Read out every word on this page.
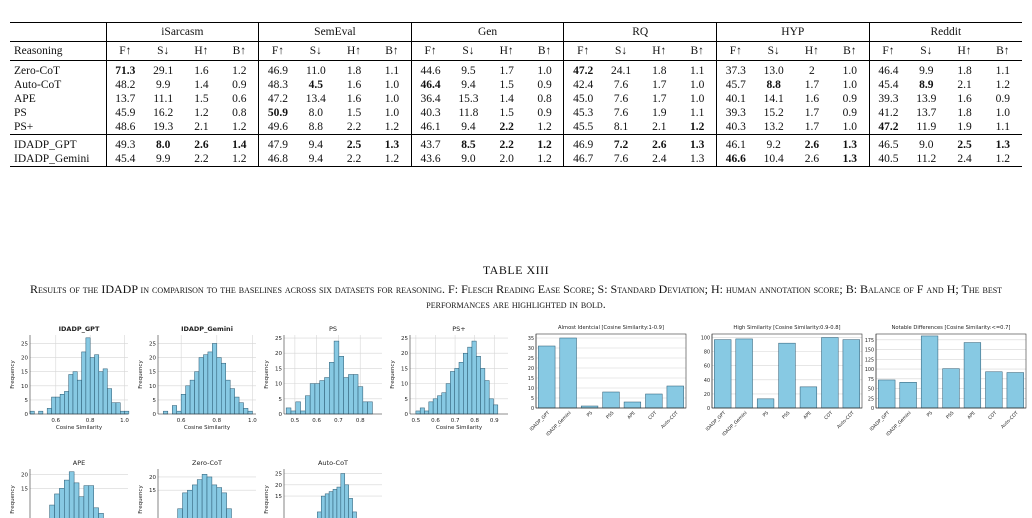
	iSarcasm				SemEval				Gen				RQ				HYP				Reddit			
Reasoning	F↑	S↓	H↑	B↑	F↑	S↓	H↑	B↑	F↑	S↓	H↑	B↑	F↑	S↓	H↑	B↑	F↑	S↓	H↑	B↑	F↑	S↓	H↑	B↑
Zero-CoT	71.3	29.1	1.6	1.2	46.9	11.0	1.8	1.1	44.6	9.5	1.7	1.0	47.2	24.1	1.8	1.1	37.3	13.0	2	1.0	46.4	9.9	1.8	1.1
Auto-CoT	48.2	9.9	1.4	0.9	48.3	4.5	1.6	1.0	46.4	9.4	1.5	0.9	42.4	7.6	1.7	1.0	45.7	8.8	1.7	1.0	45.4	8.9	2.1	1.2
APE	13.7	11.1	1.5	0.6	47.2	13.4	1.6	1.0	36.4	15.3	1.4	0.8	45.0	7.6	1.7	1.0	40.1	14.1	1.6	0.9	39.3	13.9	1.6	0.9
PS	45.9	16.2	1.2	0.8	50.9	8.0	1.5	1.0	40.3	11.8	1.5	0.9	45.3	7.6	1.9	1.1	39.3	15.2	1.7	0.9	41.2	13.7	1.8	1.0
PS+	48.6	19.3	2.1	1.2	49.6	8.8	2.2	1.2	46.1	9.4	2.2	1.2	45.5	8.1	2.1	1.2	40.3	13.2	1.7	1.0	47.2	11.9	1.9	1.1
IDADP_GPT	49.3	8.0	2.6	1.4	47.9	9.4	2.5	1.3	43.7	8.5	2.2	1.2	46.9	7.2	2.6	1.3	46.1	9.2	2.6	1.3	46.5	9.0	2.5	1.3
IDADP_Gemini	45.4	9.9	2.2	1.2	46.8	9.4	2.2	1.2	43.6	9.0	2.0	1.2	46.7	7.6	2.4	1.3	46.6	10.4	2.6	1.3	40.5	11.2	2.4	1.2
TABLE XIII
Results of the IDADP in comparison to the baselines across six datasets for reasoning. F: Flesch Reading Ease Score; S: Standard Deviation; H: human annotation score; B: Balance of F and H; The best performances are highlighted in bold.
IDADP_GPT
Frequency
0
5
10
15
20
25
0.6	0.8	1.0
Cosine Similarity
IDADP_Gemini
Frequency
0
5
10
15
20
25
0.6	0.8	1.0
Cosine Similarity
PS
Frequency
0
5
10
15
20
25
0.5 0.6 0.7 0.8
PS+
Frequency
0
5
10
15
20
25
0.5 0.6 0.7 0.8 0.9
Cosine Similarity
APE
Frequency 15
20
Zero-CoT
Frequency 15
20
Auto-CoT
Frequency 15
20
25
Almost Identcial [Cosine Similarity:1-0.9]
0
5
10
15
20
25
30
35
IDADP_GPT
IDADP_Gemini	PS	PSS	APE COT Auto-COT
High Similarity [Cosine Similarity:0.9-0.8]
0
20
40
60
80
100
IDADP_GPT
IDADP_Gemini	PS	PSS	APE COT Auto-COT
Notable Differences [Cosine Similarity:<=0.7]
0
25
50
75
100
125
150
175
IDADP_GPT
IDADP_Gemini	PS	PSS	APE COT Auto-COT
